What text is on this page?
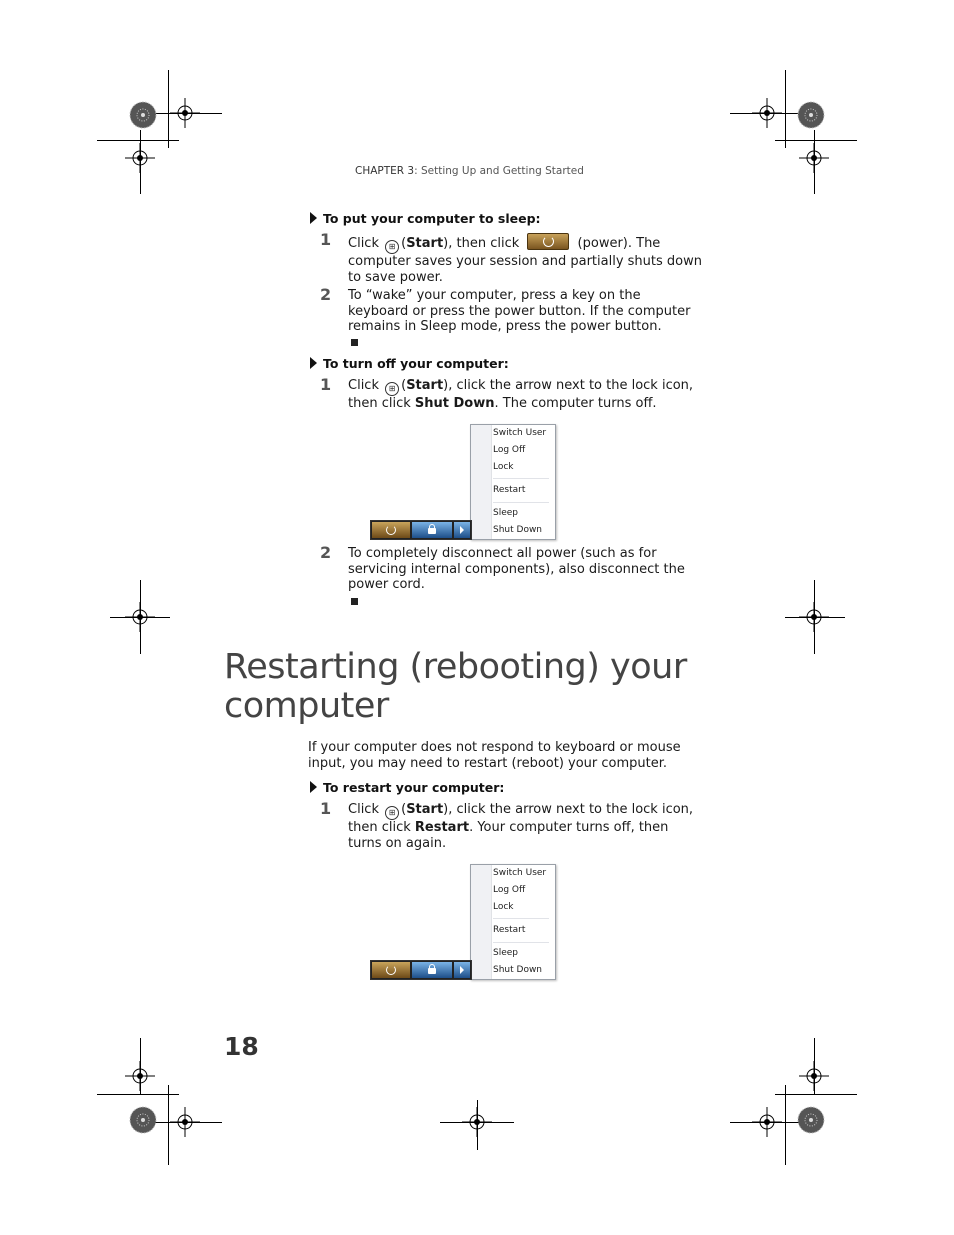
CHAPTER 3: Setting Up and Getting Started
To put your computer to sleep:
1 Click ⊞ (Start), then click	(power). The computer saves your session and partially shuts down to save power.
2 To “wake” your computer, press a key on the keyboard or press the power button. If the computer remains in Sleep mode, press the power button.
To turn off your computer:
1 Click ⊞ (Start), click the arrow next to the lock icon, then click Shut Down. The computer turns off.
Switch User
Log Off
Lock
Restart
Sleep
Shut Down
2 To completely disconnect all power (such as for servicing internal components), also disconnect the power cord.
Restarting (rebooting) your
computer
If your computer does not respond to keyboard or mouse input, you may need to restart (reboot) your computer.
To restart your computer:
1 Click ⊞ (Start), click the arrow next to the lock icon, then click Restart. Your computer turns off, then turns on again.
Switch User
Log Off
Lock
Restart
Sleep
Shut Down
18
